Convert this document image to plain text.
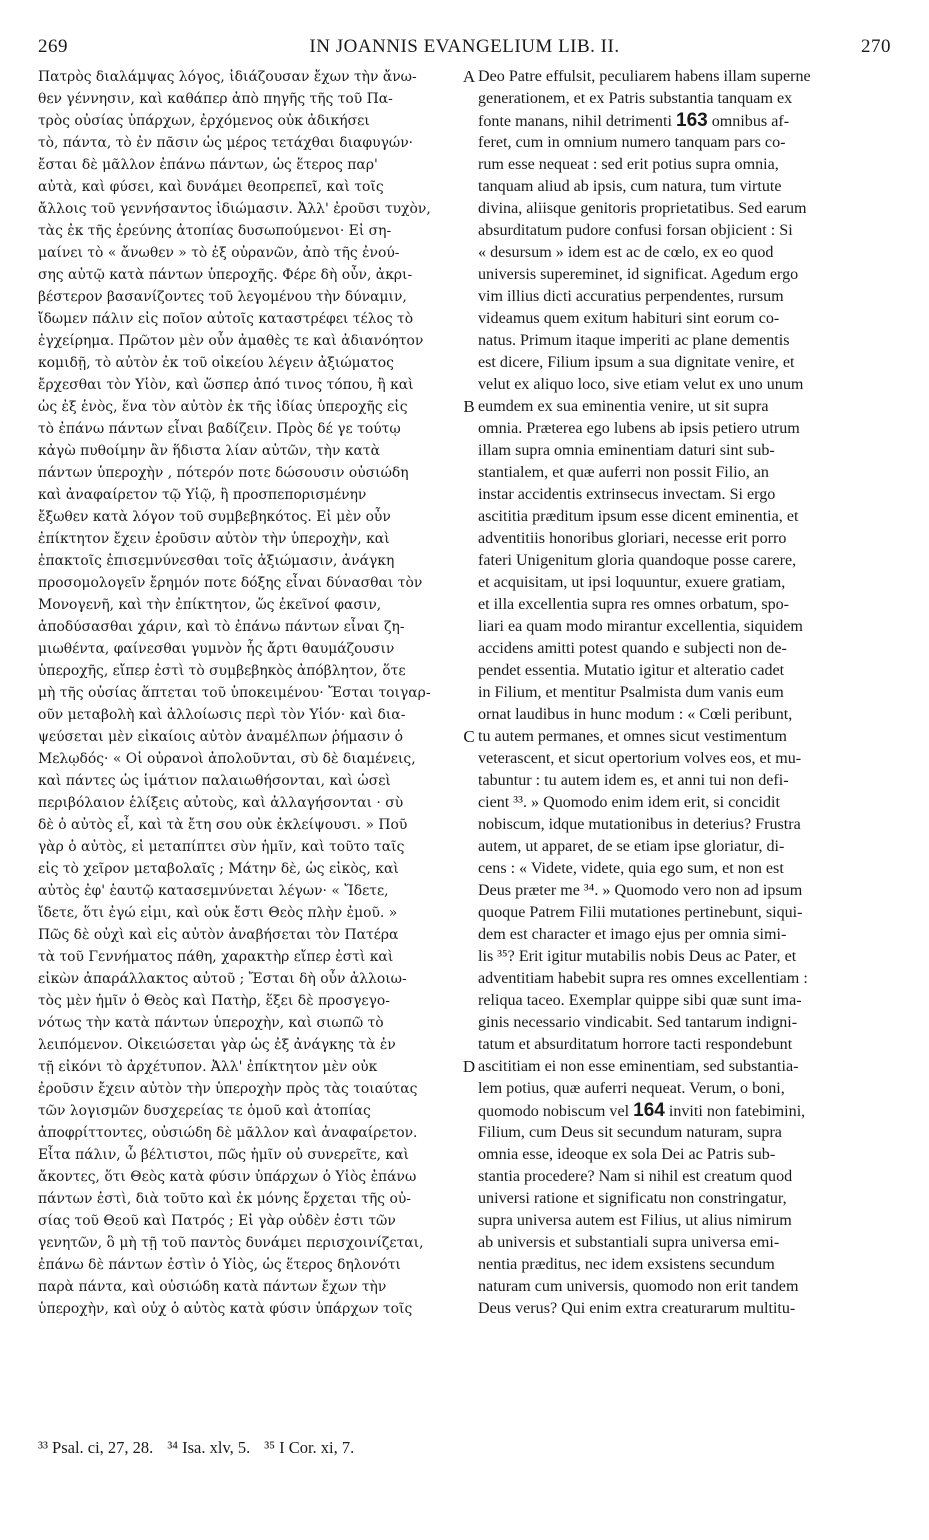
269	IN JOANNIS EVANGELIUM LIB. II.	270
Πατρὸς διαλάμψας λόγος, ἰδιάζουσαν ἔχων τὴν ἄνω-
θεν γέννησιν, καὶ καθάπερ ἀπὸ πηγῆς τῆς τοῦ Πα-
τρὸς οὐσίας ὑπάρχων, ἐρχόμενος οὐκ ἀδικήσει
τὸ, πάντα, τὸ ἐν πᾶσιν ὡς μέρος τετάχθαι διαφυγών·
ἔσται δὲ μᾶλλον ἐπάνω πάντων, ὡς ἕτερος παρ'
αὐτὰ, καὶ φύσει, καὶ δυνάμει θεοπρεπεῖ, καὶ τοῖς
ἄλλοις τοῦ γεννήσαντος ἰδιώμασιν. Ἀλλ' ἐροῦσι τυχὸν,
τὰς ἐκ τῆς ἐρεύνης ἀτοπίας δυσωπούμενοι· Εἰ ση-
μαίνει τὸ « ἄνωθεν » τὸ ἐξ οὐρανῶν, ἀπὸ τῆς ἐνού-
σης αὐτῷ κατὰ πάντων ὑπεροχῆς. Φέρε δὴ οὖν, ἀκρι-
βέστερον βασανίζοντες τοῦ λεγομένου τὴν δύναμιν,
ἴδωμεν πάλιν εἰς ποῖον αὐτοῖς καταστρέφει τέλος τὸ
ἐγχείρημα. Πρῶτον μὲν οὖν ἀμαθὲς τε καὶ ἀδιανόητον
κομιδῇ, τὸ αὐτὸν ἐκ τοῦ οἰκείου λέγειν ἀξιώματος
ἔρχεσθαι τὸν Υἱὸν, καὶ ὥσπερ ἀπό τινος τόπου, ἢ καὶ
ὡς ἐξ ἑνὸς, ἕνα τὸν αὐτὸν ἐκ τῆς ἰδίας ὑπεροχῆς εἰς
τὸ ἐπάνω πάντων εἶναι βαδίζειν. Πρὸς δέ γε τούτῳ
κἀγὼ πυθοίμην ἂν ἥδιστα λίαν αὐτῶν, τὴν κατὰ
πάντων ὑπεροχὴν , πότερόν ποτε δώσουσιν οὐσιώδη
καὶ ἀναφαίρετον τῷ Υἱῷ, ἢ προσπεπορισμένην
ἔξωθεν κατὰ λόγον τοῦ συμβεβηκότος. Εἰ μὲν οὖν
ἐπίκτητον ἔχειν ἐροῦσιν αὐτὸν τὴν ὑπεροχὴν, καὶ
ἐπακτοῖς ἐπισεμνύνεσθαι τοῖς ἀξιώμασιν, ἀνάγκη
προσομολογεῖν ἔρημόν ποτε δόξης εἶναι δύνασθαι τὸν
Μονογενῆ, καὶ τὴν ἐπίκτητον, ὥς ἐκεῖνοί φασιν,
ἀποδύσασθαι χάριν, καὶ τὸ ἐπάνω πάντων εἶναι ζη-
μιωθέντα, φαίνεσθαι γυμνὸν ἧς ἄρτι θαυμάζουσιν
ὑπεροχῆς, εἴπερ ἐστὶ τὸ συμβεβηκὸς ἀπόβλητον, ὅτε
μὴ τῆς οὐσίας ἅπτεται τοῦ ὑποκειμένου· Ἔσται τοιγαρ-
οῦν μεταβολὴ καὶ ἀλλοίωσις περὶ τὸν Υἱόν· καὶ δια-
ψεύσεται μὲν εἰκαίοις αὐτὸν ἀναμέλπων ῥήμασιν ὁ
Μελῳδός· « Οἱ οὐρανοὶ ἀπολοῦνται, σὺ δὲ διαμένεις,
καὶ πάντες ὡς ἱμάτιον παλαιωθήσονται, καὶ ὡσεὶ
περιβόλαιον ἑλίξεις αὐτοὺς, καὶ ἀλλαγήσονται · σὺ
δὲ ὁ αὐτὸς εἶ, καὶ τὰ ἔτη σου οὐκ ἐκλείψουσι. » Ποῦ
γὰρ ὁ αὐτὸς, εἰ μεταπίπτει σὺν ἡμῖν, καὶ τοῦτο ταῖς
εἰς τὸ χεῖρον μεταβολαῖς ; Μάτην δὲ, ὡς εἰκὸς, καὶ
αὐτὸς ἐφ' ἑαυτῷ κατασεμνύνεται λέγων· « Ἴδετε,
ἴδετε, ὅτι ἐγώ εἰμι, καὶ οὐκ ἔστι Θεὸς πλὴν ἐμοῦ. »
Πῶς δὲ οὐχὶ καὶ εἰς αὐτὸν ἀναβήσεται τὸν Πατέρα
τὰ τοῦ Γεννήματος πάθη, χαρακτὴρ εἴπερ ἐστὶ καὶ
εἰκὼν ἀπαράλλακτος αὐτοῦ ; Ἔσται δὴ οὖν ἀλλοιω-
τὸς μὲν ἡμῖν ὁ Θεὸς καὶ Πατὴρ, ἕξει δὲ προσγεγο-
νότως τὴν κατὰ πάντων ὑπεροχὴν, καὶ σιωπῶ τὸ
λειπόμενον. Οἰκειώσεται γὰρ ὡς ἐξ ἀνάγκης τὰ ἐν
τῇ εἰκόνι τὸ ἀρχέτυπον. Ἀλλ' ἐπίκτητον μὲν οὐκ
ἐροῦσιν ἔχειν αὐτὸν τὴν ὑπεροχὴν πρὸς τὰς τοιαύτας
τῶν λογισμῶν δυσχερείας τε ὁμοῦ καὶ ἀτοπίας
ἀποφρίττοντες, οὐσιώδη δὲ μᾶλλον καὶ ἀναφαίρετον.
Εἶτα πάλιν, ὦ βέλτιστοι, πῶς ἡμῖν οὐ συνερεῖτε, καὶ
ἄκοντες, ὅτι Θεὸς κατὰ φύσιν ὑπάρχων ὁ Υἱὸς ἐπάνω
πάντων ἐστὶ, διὰ τοῦτο καὶ ἐκ μόνης ἔρχεται τῆς οὐ-
σίας τοῦ Θεοῦ καὶ Πατρός ; Εἰ γὰρ οὐδὲν ἐστι τῶν
γενητῶν, ὃ μὴ τῇ τοῦ παντὸς δυνάμει περισχοινίζεται,
ἐπάνω δὲ πάντων ἐστὶν ὁ Υἱὸς, ὡς ἕτερος δηλονότι
παρὰ πάντα, καὶ οὐσιώδη κατὰ πάντων ἔχων τὴν
ὑπεροχὴν, καὶ οὐχ ὁ αὐτὸς κατὰ φύσιν ὑπάρχων τοῖς
Deo Patre effulsit, peculiarem habens illam superne
generationem, et ex Patris substantia tanquam ex
fonte manans, nihil detrimenti 163 omnibus af-
feret, cum in omnium numero tanquam pars co-
rum esse nequeat : sed erit potius supra omnia,
tanquam aliud ab ipsis, cum natura, tum virtute
divina, aliisque genitoris proprietatibus. Sed earum
absurditatum pudore confusi forsan objicient : Si
« desursum » idem est ac de cœlo, ex eo quod
universis supereminet, id significat. Agedum ergo
vim illius dicti accuratius perpendentes, rursum
videamus quem exitum habituri sint eorum co-
natus. Primum itaque imperiti ac plane dementis
est dicere, Filium ipsum a sua dignitate venire, et
velut ex aliquo loco, sive etiam velut ex uno unum
eumdem ex sua eminentia venire, ut sit supra
omnia. Præterea ego lubens ab ipsis petiero utrum
illam supra omnia eminentiam daturi sint sub-
stantialem, et quæ auferri non possit Filio, an
instar accidentis extrinsecus invectam. Si ergo
ascititia præditum ipsum esse dicent eminentia, et
adventitiis honoribus gloriari, necesse erit porro
fateri Unigenitum gloria quandoque posse carere,
et acquisitam, ut ipsi loquuntur, exuere gratiam,
et illa excellentia supra res omnes orbatum, spo-
liari ea quam modo mirantur excellentia, siquidem
accidens amitti potest quando e subjecti non de-
pendet essentia. Mutatio igitur et alteratio cadet
in Filium, et mentitur Psalmista dum vanis eum
ornat laudibus in hunc modum : « Cœli peribunt,
tu autem permanes, et omnes sicut vestimentum
veterascent, et sicut opertorium volves eos, et mu-
tabuntur : tu autem idem es, et anni tui non defi-
cient ³³. » Quomodo enim idem erit, si concidit
nobiscum, idque mutationibus in deterius? Frustra
autem, ut apparet, de se etiam ipse gloriatur, di-
cens : « Videte, videte, quia ego sum, et non est
Deus præter me ³⁴. » Quomodo vero non ad ipsum
quoque Patrem Filii mutationes pertinebunt, siqui-
dem est character et imago ejus per omnia simi-
lis ³⁵? Erit igitur mutabilis nobis Deus ac Pater, et
adventitiam habebit supra res omnes excellentiam :
reliqua taceo. Exemplar quippe sibi quæ sunt ima-
ginis necessario vindicabit. Sed tantarum indigni-
tatum et absurditatum horrore tacti respondebunt
ascititiam ei non esse eminentiam, sed substantia-
lem potius, quæ auferri nequeat. Verum, o boni,
quomodo nobiscum vel 164 inviti non fatebimini,
Filium, cum Deus sit secundum naturam, supra
omnia esse, ideoque ex sola Dei ac Patris sub-
stantia procedere? Nam si nihil est creatum quod
universi ratione et significatu non constringatur,
supra universa autem est Filius, ut alius nimirum
ab universis et substantiali supra universa emi-
nentia præditus, nec idem exsistens secundum
naturam cum universis, quomodo non erit tandem
Deus verus? Qui enim extra creaturarum multitu-
A
B
C
D
³³ Psal. ci, 27, 28. ³⁴ Isa. xlv, 5. ³⁵ I Cor. xi, 7.
